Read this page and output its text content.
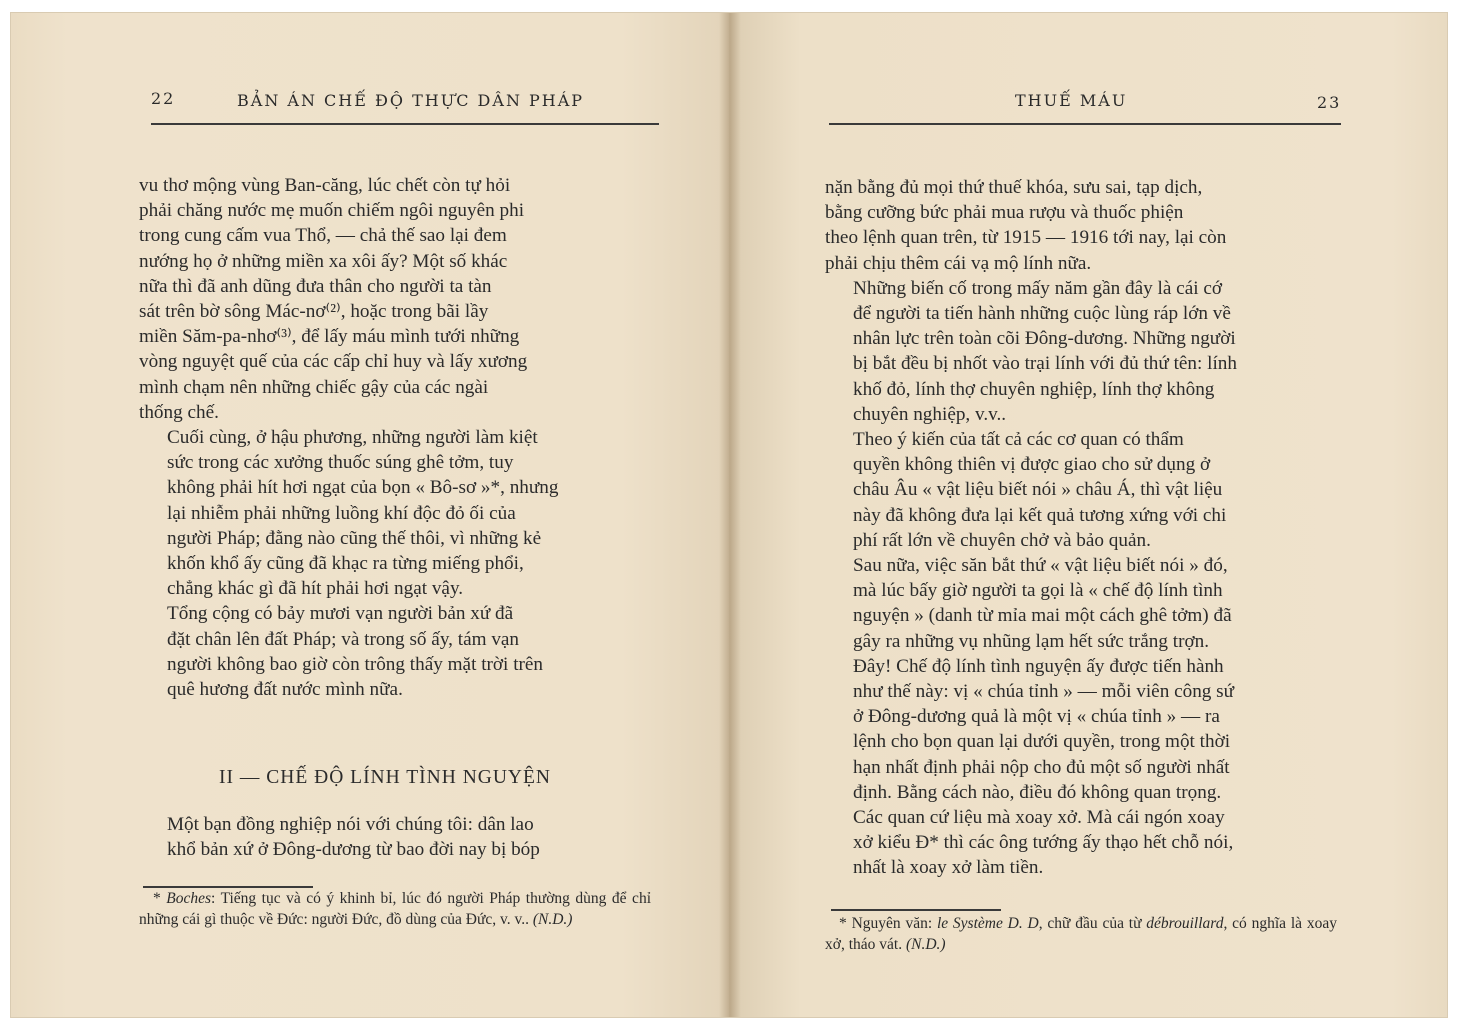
22	BẢN ÁN CHẾ ĐỘ THỰC DÂN PHÁP

vu thơ mộng vùng Ban-căng, lúc chết còn tự hỏi
phải chăng nước mẹ muốn chiếm ngôi nguyên phi
trong cung cấm vua Thổ, — chả thế sao lại đem
nướng họ ở những miền xa xôi ấy? Một số khác
nữa thì đã anh dũng đưa thân cho người ta tàn
sát trên bờ sông Mác-nơ⁽²⁾, hoặc trong bãi lầy
miền Săm-pa-nhơ⁽³⁾, để lấy máu mình tưới những
vòng nguyệt quế của các cấp chỉ huy và lấy xương
mình chạm nên những chiếc gậy của các ngài
thống chế.

Cuối cùng, ở hậu phương, những người làm kiệt
sức trong các xưởng thuốc súng ghê tởm, tuy
không phải hít hơi ngạt của bọn « Bô-sơ »*, nhưng
lại nhiễm phải những luồng khí độc đỏ ối của
người Pháp; đằng nào cũng thế thôi, vì những kẻ
khốn khổ ấy cũng đã khạc ra từng miếng phổi,
chẳng khác gì đã hít phải hơi ngạt vậy.

Tổng cộng có bảy mươi vạn người bản xứ đã
đặt chân lên đất Pháp; và trong số ấy, tám vạn
người không bao giờ còn trông thấy mặt trời trên
quê hương đất nước mình nữa.

II — CHẾ ĐỘ LÍNH TÌNH NGUYỆN

Một bạn đồng nghiệp nói với chúng tôi: dân lao
khổ bản xứ ở Đông-dương từ bao đời nay bị bóp

* Boches: Tiếng tục và có ý khinh bỉ, lúc đó người Pháp thường dùng để chỉ những cái gì thuộc về Đức: người Đức, đồ dùng của Đức, v. v.. (N.D.)
THUẾ MÁU	23

nặn bằng đủ mọi thứ thuế khóa, sưu sai, tạp dịch,
bằng cưỡng bức phải mua rượu và thuốc phiện
theo lệnh quan trên, từ 1915 — 1916 tới nay, lại còn
phải chịu thêm cái vạ mộ lính nữa.

Những biến cố trong mấy năm gần đây là cái cớ
để người ta tiến hành những cuộc lùng ráp lớn về
nhân lực trên toàn cõi Đông-dương. Những người
bị bắt đều bị nhốt vào trại lính với đủ thứ tên: lính
khố đỏ, lính thợ chuyên nghiệp, lính thợ không
chuyên nghiệp, v.v..

Theo ý kiến của tất cả các cơ quan có thẩm
quyền không thiên vị được giao cho sử dụng ở
châu Âu « vật liệu biết nói » châu Á, thì vật liệu
này đã không đưa lại kết quả tương xứng với chi
phí rất lớn về chuyên chở và bảo quản.

Sau nữa, việc săn bắt thứ « vật liệu biết nói » đó,
mà lúc bấy giờ người ta gọi là « chế độ lính tình
nguyện » (danh từ mỉa mai một cách ghê tởm) đã
gây ra những vụ nhũng lạm hết sức trắng trợn.

Đây! Chế độ lính tình nguyện ấy được tiến hành
như thế này: vị « chúa tỉnh » — mỗi viên công sứ
ở Đông-dương quả là một vị « chúa tỉnh » — ra
lệnh cho bọn quan lại dưới quyền, trong một thời
hạn nhất định phải nộp cho đủ một số người nhất
định. Bằng cách nào, điều đó không quan trọng.
Các quan cứ liệu mà xoay xở. Mà cái ngón xoay
xở kiểu Đ* thì các ông tướng ấy thạo hết chỗ nói,
nhất là xoay xở làm tiền.

* Nguyên văn: le Système D. D, chữ đầu của từ débrouillard, có nghĩa là xoay xở, tháo vát. (N.D.)
